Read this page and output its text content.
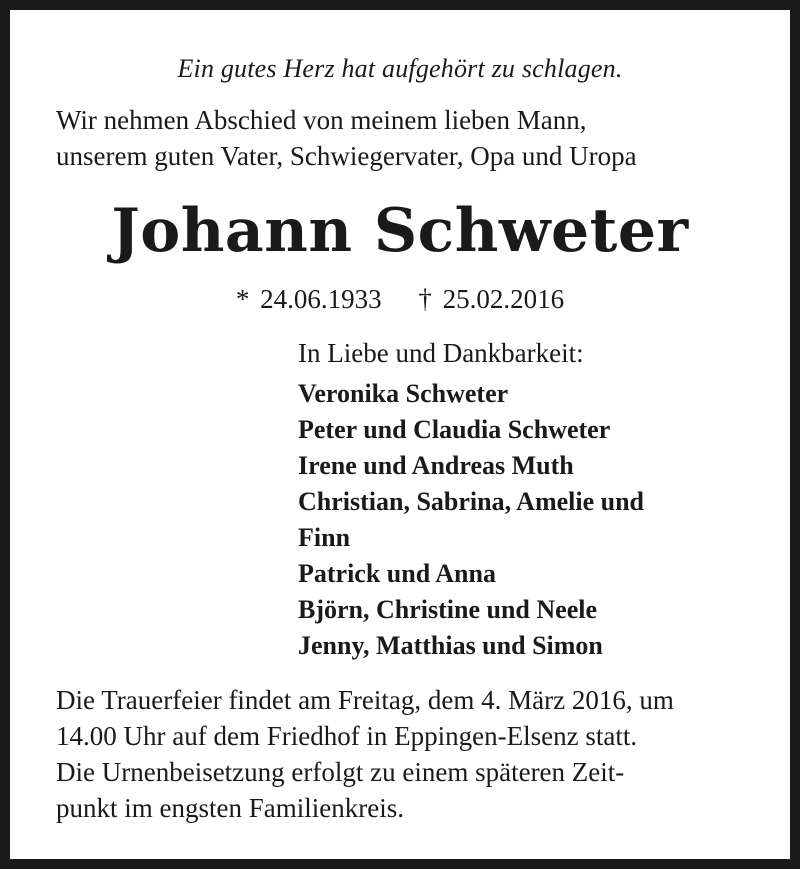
Ein gutes Herz hat aufgehört zu schlagen.
Wir nehmen Abschied von meinem lieben Mann,
unserem guten Vater, Schwiegervater, Opa und Uropa
Johann Schweter
* 24.06.1933 † 25.02.2016
In Liebe und Dankbarkeit:
Veronika Schweter
Peter und Claudia Schweter
Irene und Andreas Muth
Christian, Sabrina, Amelie und
Finn
Patrick und Anna
Björn, Christine und Neele
Jenny, Matthias und Simon
Die Trauerfeier findet am Freitag, dem 4. März 2016, um
14.00 Uhr auf dem Friedhof in Eppingen-Elsenz statt.
Die Urnenbeisetzung erfolgt zu einem späteren Zeit-
punkt im engsten Familienkreis.
